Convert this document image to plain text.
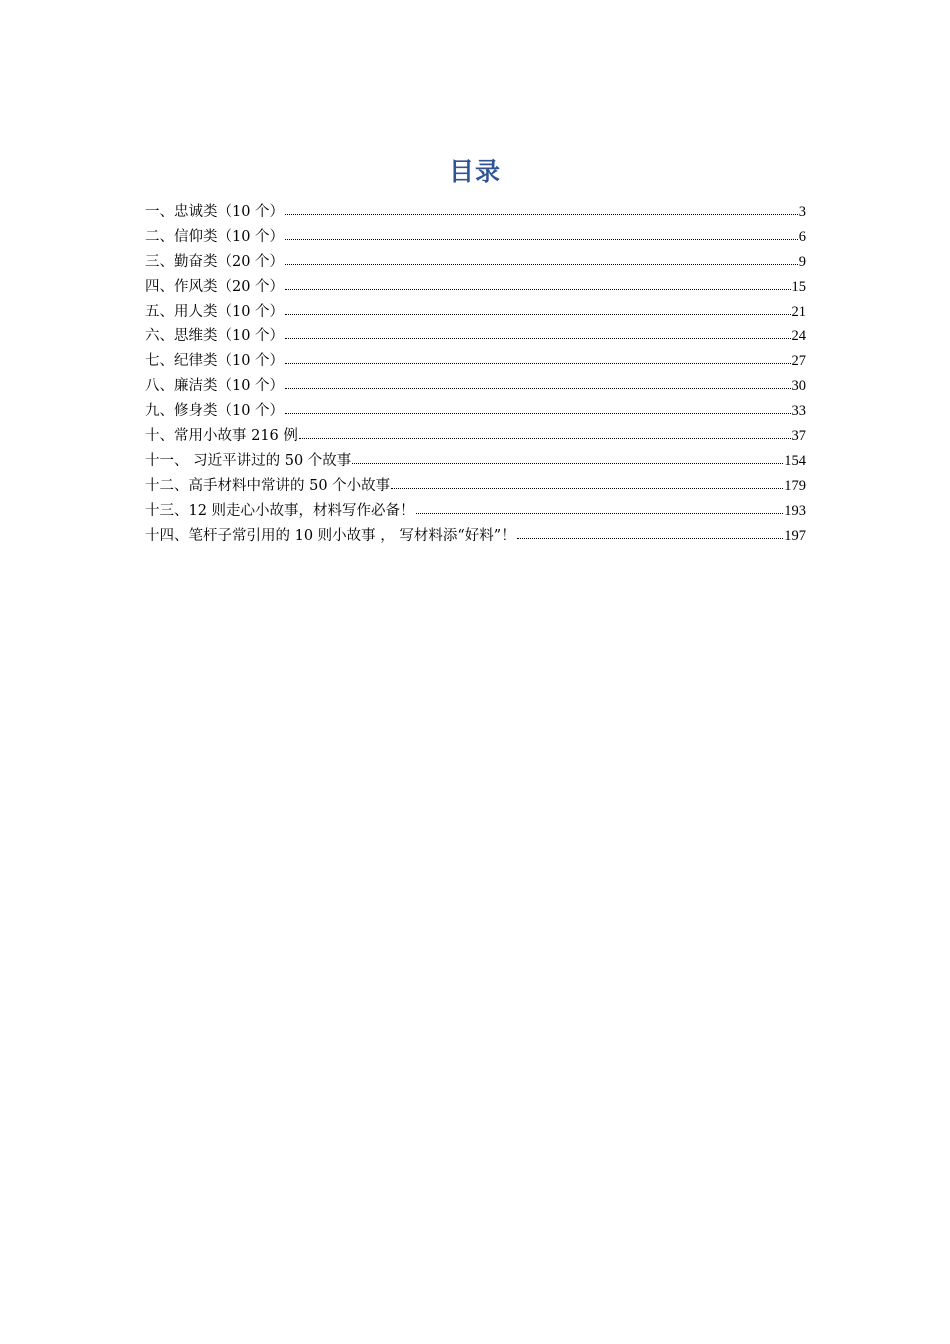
目录
一、忠诚类（10 个）	3
二、信仰类（10 个）	6
三、勤奋类（20 个）	9
四、作风类（20 个）	15
五、用人类（10 个）	21
六、思维类（10 个）	24
七、纪律类（10 个）	27
八、廉洁类（10 个）	30
九、修身类（10 个）	33
十、常用小故事 216 例	37
十一、 习近平讲过的 50 个故事	154
十二、高手材料中常讲的 50 个小故事	179
十三、12 则走心小故事，材料写作必备！	193
十四、笔杆子常引用的 10 则小故事 ， 写材料添“好料”！	197
